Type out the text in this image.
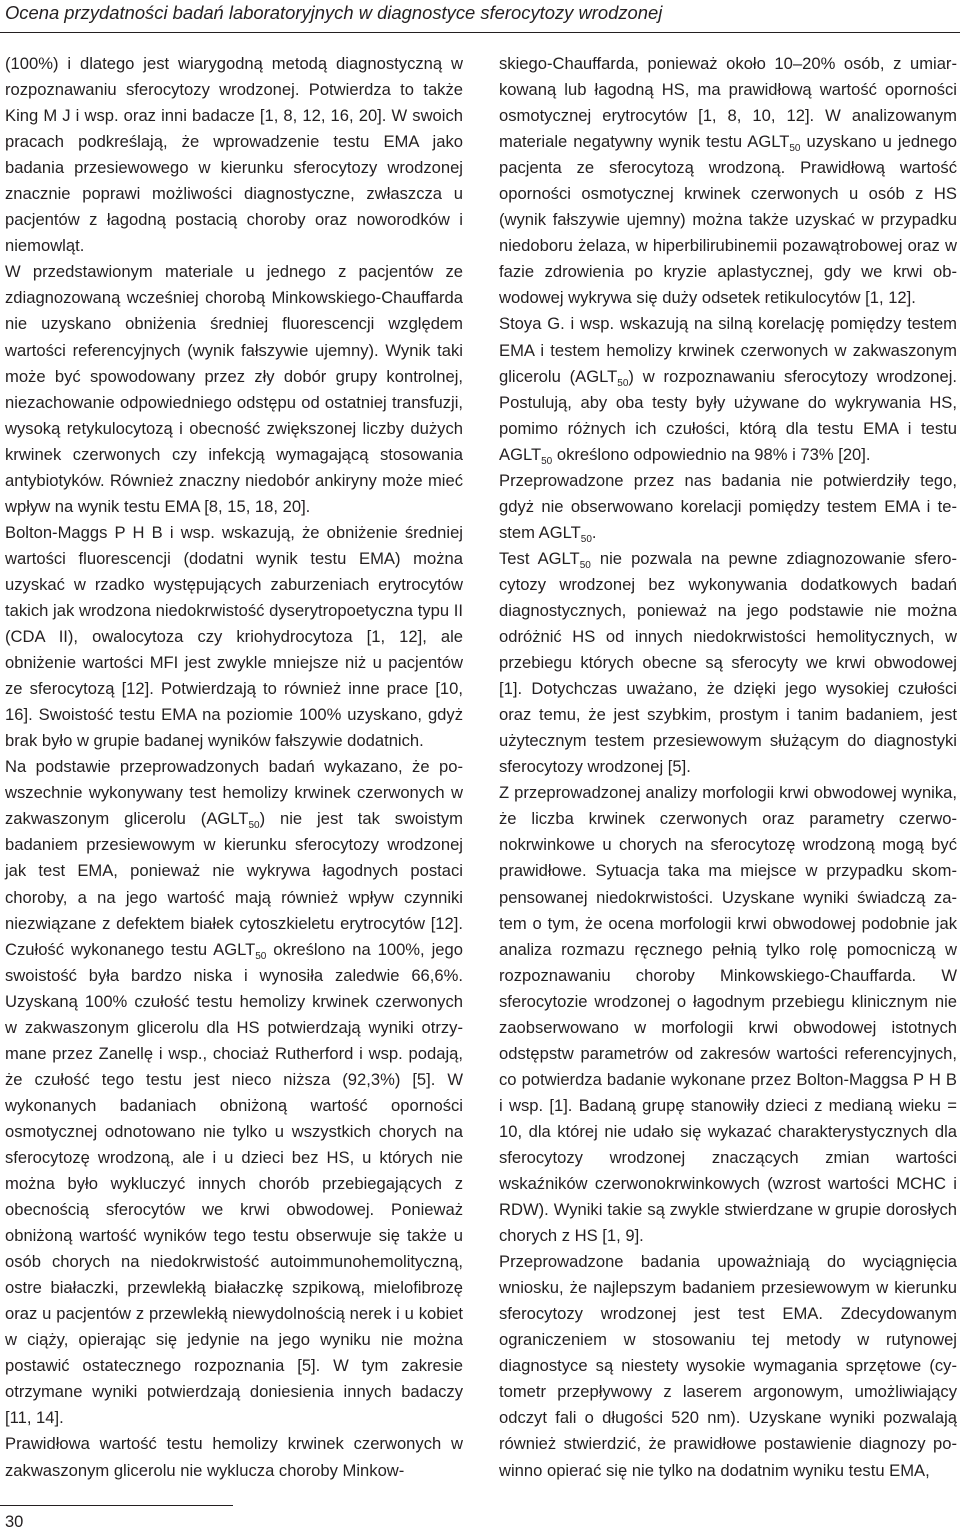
Ocena przydatności badań laboratoryjnych w diagnostyce sferocytozy wrodzonej

(100%) i dlatego jest wiarygodną metodą diagnostyczną w rozpoznawaniu sferocytozy wrodzonej. Potwierdza to także King M J i wsp. oraz inni badacze [1, 8, 12, 16, 20]. W swoich pracach podkreślają, że wprowadzenie testu EMA jako badania przesiewowego w kierunku sferocytozy wrodzonej znacznie poprawi możliwości diagnostyczne, zwłaszcza u pacjentów z łagodną postacią choroby oraz noworodków i niemowląt.

W przedstawionym materiale u jednego z pacjentów ze zdiagnozowaną wcześniej chorobą Minkowskiego-Chauffarda nie uzyskano obniżenia średniej fluorescencji względem wartości referencyjnych (wynik fałszywie ujemny). Wynik taki może być spowodowany przez zły dobór grupy kontrolnej, niezachowanie odpowiedniego odstępu od ostatniej transfuzji, wysoką retykulocytozą i obecność zwiększonej liczby dużych krwinek czerwonych czy infekcją wymagającą stosowania antybiotyków. Również znaczny niedobór ankiryny może mieć wpływ na wynik testu EMA [8, 15, 18, 20].

Bolton-Maggs P H B i wsp. wskazują, że obniżenie średniej wartości fluorescencji (dodatni wynik testu EMA) można uzyskać w rzadko występujących zaburzeniach erytrocytów takich jak wrodzona niedokrwistość dyserytropoetyczna typu II (CDA II), owalocytoza czy kriohydrocytoza [1, 12], ale obniżenie wartości MFI jest zwykle mniejsze niż u pacjentów ze sferocytozą [12]. Potwierdzają to również inne prace [10, 16]. Swoistość testu EMA na poziomie 100% uzyskano, gdyż brak było w grupie badanej wyników fałszywie dodatnich.

Na podstawie przeprowadzonych badań wykazano, że powszechnie wykonywany test hemolizy krwinek czerwonych w zakwaszonym glicerolu $(AGLT_{50})$ nie jest tak swoistym badaniem przesiewowym w kierunku sferocytozy wrodzonej jak test EMA, ponieważ nie wykrywa łagodnych postaci choroby, a na jego wartość mają również wpływ czynniki niezwiązane z defektem białek cytoszkieletu erytrocytów [12]. Czułość wykonanego testu $AGLT_{50}$ określono na 100%, jego swoistość była bardzo niska i wynosiła zaledwie 66,6%. Uzyskaną 100% czułość testu hemolizy krwinek czerwonych w zakwaszonym glicerolu dla HS potwierdzają wyniki otrzymane przez Zanellę i wsp., chociaż Rutherford i wsp. podają, że czułość tego testu jest nieco niższa (92,3%) [5]. W wykonanych badaniach obniżoną wartość oporności osmotycznej odnotowano nie tylko u wszystkich chorych na sferocytozę wrodzoną, ale i u dzieci bez HS, u których nie można było wykluczyć innych chorób przebiegających z obecnością sferocytów we krwi obwodowej. Ponieważ obniżoną wartość wyników tego testu obserwuje się także u osób chorych na niedokrwistość autoimmunohemolityczną, ostre białaczki, przewlekłą białaczkę szpikową, mielofibrozę oraz u pacjentów z przewlekłą niewydolnością nerek i u kobiet w ciąży, opierając się jedynie na jego wyniku nie można postawić ostatecznego rozpoznania [5]. W tym zakresie otrzymane wyniki potwierdzają doniesienia innych badaczy [11, 14].

Prawidłowa wartość testu hemolizy krwinek czerwonych w zakwaszonym glicerolu nie wyklucza choroby Minkow-

skiego-Chauffarda, ponieważ około 10–20% osób, z umiarkowaną lub łagodną HS, ma prawidłową wartość oporności osmotycznej erytrocytów [1, 8, 10, 12]. W analizowanym materiale negatywny wynik testu $AGLT_{50}$ uzyskano u jednego pacjenta ze sferocytozą wrodzoną. Prawidłową wartość oporności osmotycznej krwinek czerwonych u osób z HS (wynik fałszywie ujemny) można także uzyskać w przypadku niedoboru żelaza, w hiperbilirubinemii pozawątrobowej oraz w fazie zdrowienia po kryzie aplastycznej, gdy we krwi obwodowej wykrywa się duży odsetek retikulocytów [1, 12].

Stoya G. i wsp. wskazują na silną korelację pomiędzy testem EMA i testem hemolizy krwinek czerwonych w zakwaszonym glicerolu $(AGLT_{50})$ w rozpoznawaniu sferocytozy wrodzonej. Postulują, aby oba testy były używane do wykrywania HS, pomimo różnych ich czułości, którą dla testu EMA i testu $AGLT_{50}$ określono odpowiednio na 98% i 73% [20].

Przeprowadzone przez nas badania nie potwierdziły tego, gdyż nie obserwowano korelacji pomiędzy testem EMA i testem $AGLT_{50}$.

Test $AGLT_{50}$ nie pozwala na pewne zdiagnozowanie sferocytozy wrodzonej bez wykonywania dodatkowych badań diagnostycznych, ponieważ na jego podstawie nie można odróżnić HS od innych niedokrwistości hemolitycznych, w przebiegu których obecne są sferocyty we krwi obwodowej [1]. Dotychczas uważano, że dzięki jego wysokiej czułości oraz temu, że jest szybkim, prostym i tanim badaniem, jest użytecznym testem przesiewowym służącym do diagnostyki sferocytozy wrodzonej [5].

Z przeprowadzonej analizy morfologii krwi obwodowej wynika, że liczba krwinek czerwonych oraz parametry czerwonokrwinkowe u chorych na sferocytozę wrodzoną mogą być prawidłowe. Sytuacja taka ma miejsce w przypadku skompensowanej niedokrwistości. Uzyskane wyniki świadczą zatem o tym, że ocena morfologii krwi obwodowej podobnie jak analiza rozmazu ręcznego pełnią tylko rolę pomocniczą w rozpoznawaniu choroby Minkowskiego-Chauffarda. W sferocytozie wrodzonej o łagodnym przebiegu klinicznym nie zaobserwowano w morfologii krwi obwodowej istotnych odstępstw parametrów od zakresów wartości referencyjnych, co potwierdza badanie wykonane przez Bolton-Maggsa P H B i wsp. [1]. Badaną grupę stanowiły dzieci z medianą wieku = 10, dla której nie udało się wykazać charakterystycznych dla sferocytozy wrodzonej znaczących zmian wartości wskaźników czerwonokrwinkowych (wzrost wartości MCHC i RDW). Wyniki takie są zwykle stwierdzane w grupie dorosłych chorych z HS [1, 9].

Przeprowadzone badania upoważniają do wyciągnięcia wniosku, że najlepszym badaniem przesiewowym w kierunku sferocytozy wrodzonej jest test EMA. Zdecydowanym ograniczeniem w stosowaniu tej metody w rutynowej diagnostyce są niestety wysokie wymagania sprzętowe (cytometr przepływowy z laserem argonowym, umożliwiający odczyt fali o długości 520 nm). Uzyskane wyniki pozwalają również stwierdzić, że prawidłowe postawienie diagnozy powinno opierać się nie tylko na dodatnim wyniku testu EMA,

30
